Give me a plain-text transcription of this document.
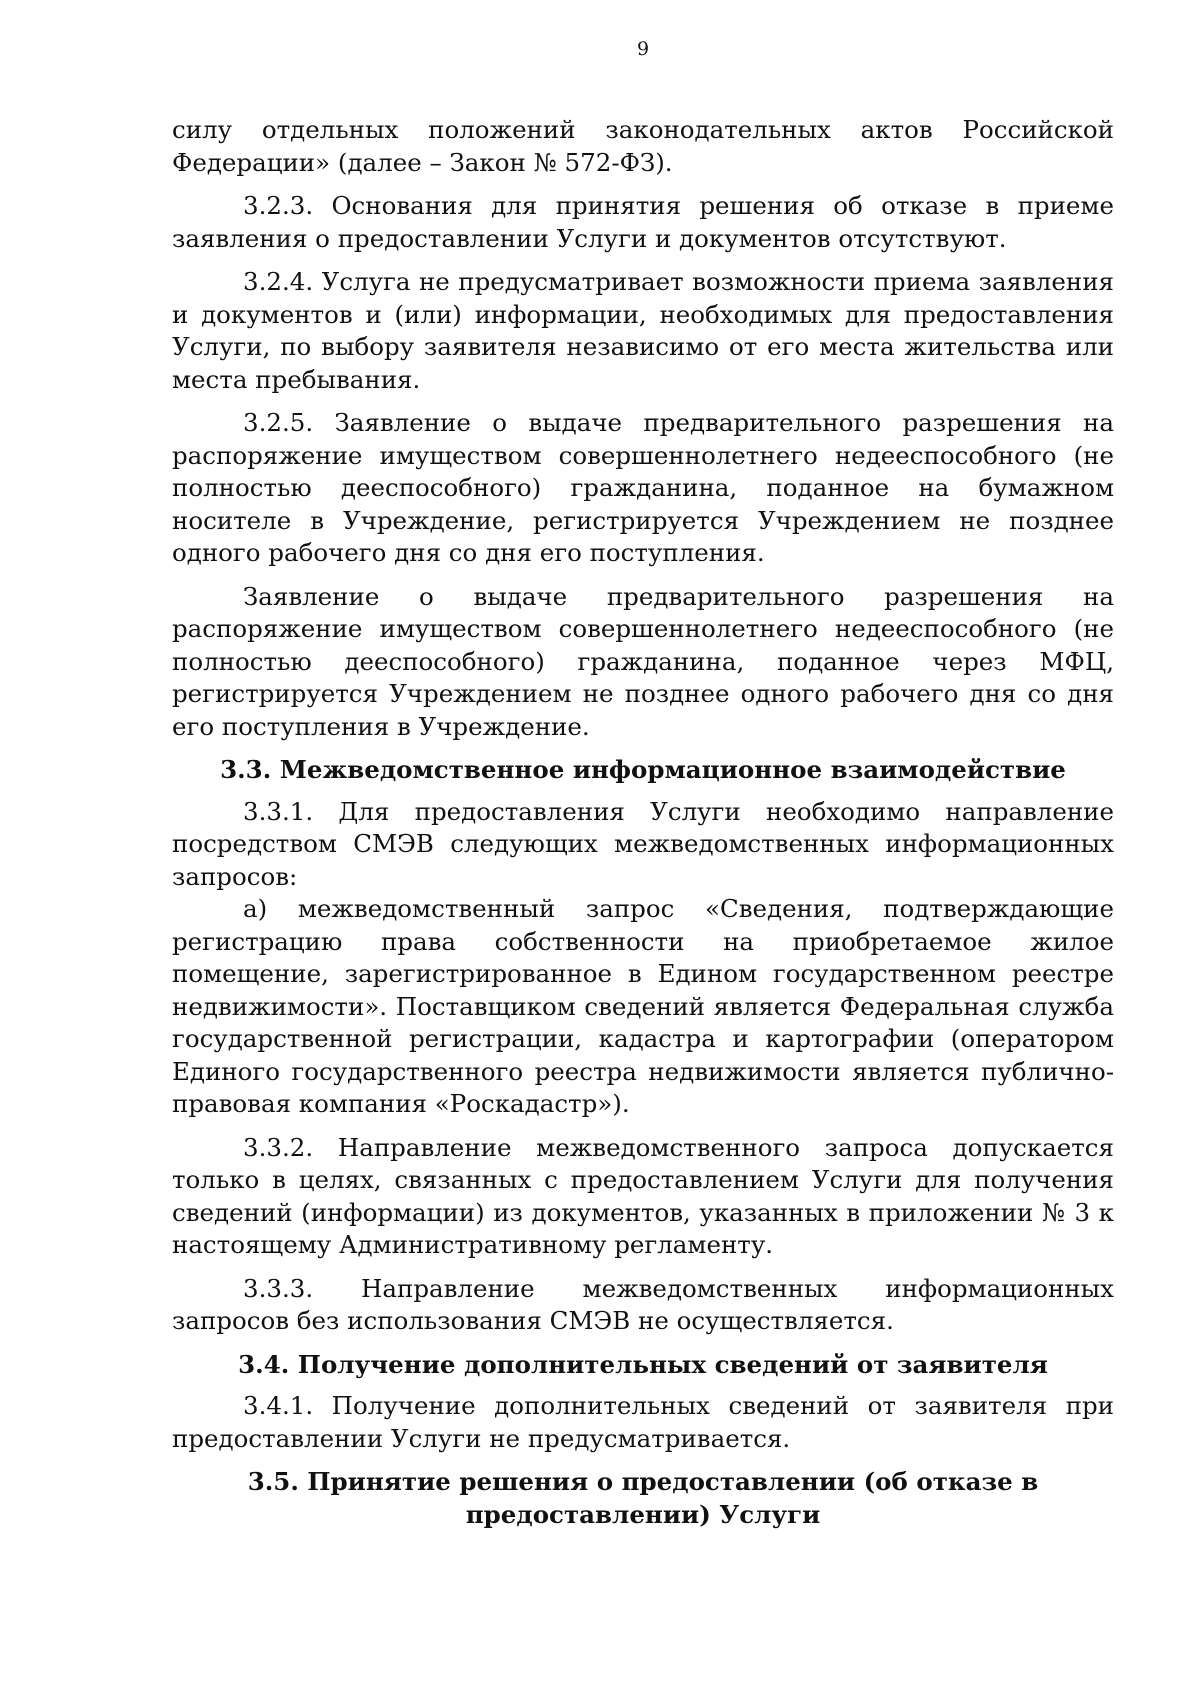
9

силу отдельных положений законодательных актов Российской Федерации» (далее – Закон № 572-ФЗ).

3.2.3. Основания для принятия решения об отказе в приеме заявления о предоставлении Услуги и документов отсутствуют.

3.2.4. Услуга не предусматривает возможности приема заявления и документов и (или) информации, необходимых для предоставления Услуги, по выбору заявителя независимо от его места жительства или места пребывания.

3.2.5. Заявление о выдаче предварительного разрешения на распоряжение имуществом совершеннолетнего недееспособного (не полностью дееспособного) гражданина, поданное на бумажном носителе в Учреждение, регистрируется Учреждением не позднее одного рабочего дня со дня его поступления.

Заявление о выдаче предварительного разрешения на распоряжение имуществом совершеннолетнего недееспособного (не полностью дееспособного) гражданина, поданное через МФЦ, регистрируется Учреждением не позднее одного рабочего дня со дня его поступления в Учреждение.

3.3. Межведомственное информационное взаимодействие

3.3.1. Для предоставления Услуги необходимо направление посредством СМЭВ следующих межведомственных информационных запросов:

а) межведомственный запрос «Сведения, подтверждающие регистрацию права собственности на приобретаемое жилое помещение, зарегистрированное в Едином государственном реестре недвижимости». Поставщиком сведений является Федеральная служба государственной регистрации, кадастра и картографии (оператором Единого государственного реестра недвижимости является публично-правовая компания «Роскадастр»).

3.3.2. Направление межведомственного запроса допускается только в целях, связанных с предоставлением Услуги для получения сведений (информации) из документов, указанных в приложении № 3 к настоящему Административному регламенту.

3.3.3. Направление межведомственных информационных запросов без использования СМЭВ не осуществляется.

3.4. Получение дополнительных сведений от заявителя

3.4.1. Получение дополнительных сведений от заявителя при предоставлении Услуги не предусматривается.

3.5. Принятие решения о предоставлении (об отказе в предоставлении) Услуги
